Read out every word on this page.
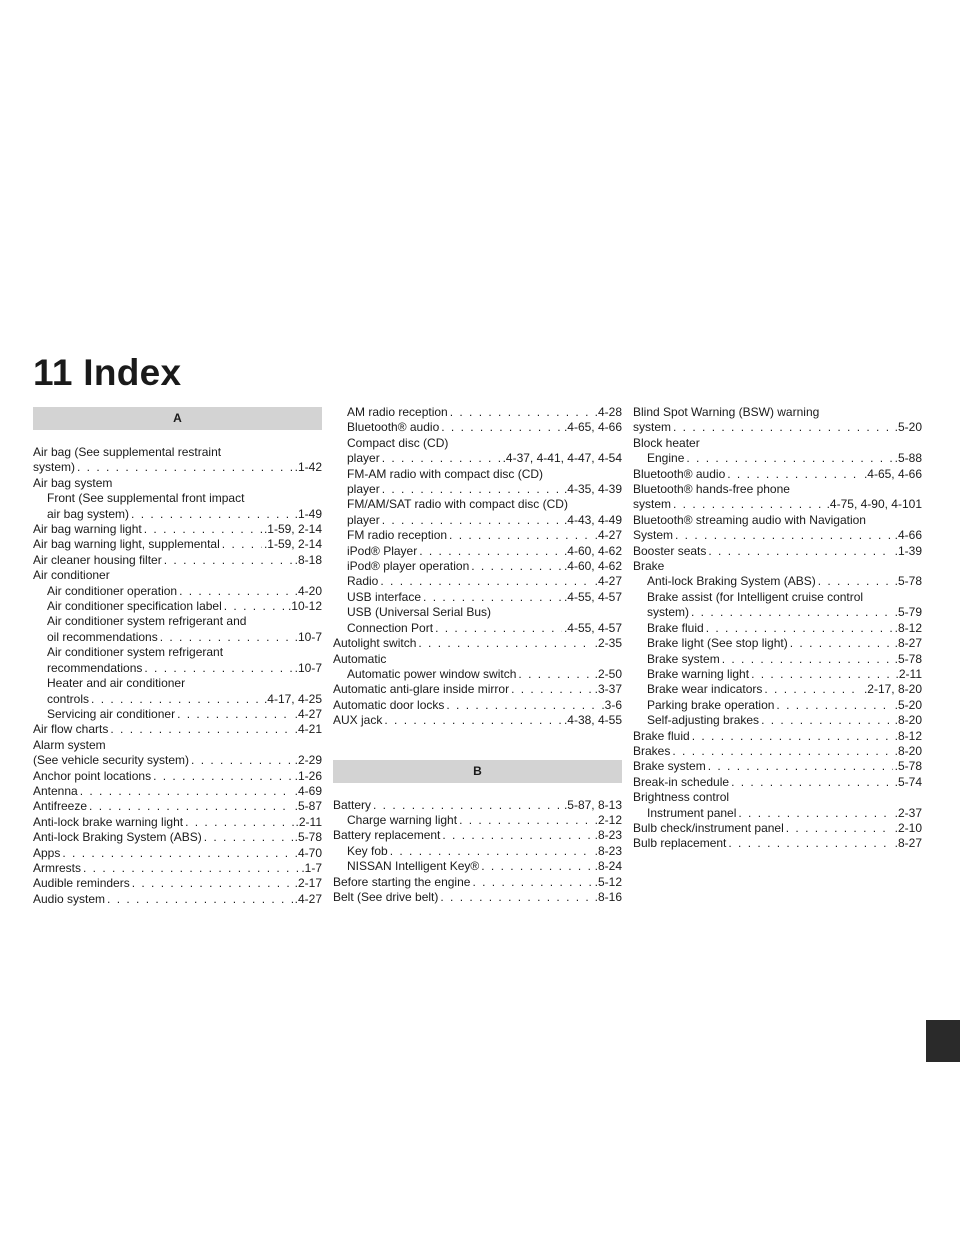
11 Index
A
Air bag (See supplemental restraint
system) . . .	.1-42
Air bag system
Front (See supplemental front impact
air bag system) . . .	.1-49
Air bag warning light . . .	.1-59, 2-14
Air bag warning light, supplemental . . .	.1-59, 2-14
Air cleaner housing filter . . .	.8-18
Air conditioner
Air conditioner operation . . .	.4-20
Air conditioner specification label . . .	.10-12
Air conditioner system refrigerant and
oil recommendations . . .	.10-7
Air conditioner system refrigerant
recommendations . . .	.10-7
Heater and air conditioner
controls . . .	.4-17, 4-25
Servicing air conditioner . . .	.4-27
Air flow charts . . .	.4-21
Alarm system
(See vehicle security system) . . .	.2-29
Anchor point locations . . .	.1-26
Antenna . . .	.4-69
Antifreeze . . .	.5-87
Anti-lock brake warning light . . .	.2-11
Anti-lock Braking System (ABS) . . .	.5-78
Apps . . .	.4-70
Armrests . . .	.1-7
Audible reminders . . .	.2-17
Audio system . . .	.4-27
AM radio reception . . .	.4-28
Bluetooth® audio . . .	.4-65, 4-66
Compact disc (CD)
player . . .	.4-37, 4-41, 4-47, 4-54
FM-AM radio with compact disc (CD)
player . . .	.4-35, 4-39
FM/AM/SAT radio with compact disc (CD)
player . . .	.4-43, 4-49
FM radio reception . . .	.4-27
iPod® Player . . .	.4-60, 4-62
iPod® player operation . . .	.4-60, 4-62
Radio . . .	.4-27
USB interface . . .	.4-55, 4-57
USB (Universal Serial Bus)
Connection Port . . .	.4-55, 4-57
Autolight switch . . .	.2-35
Automatic
Automatic power window switch . . .	.2-50
Automatic anti-glare inside mirror . . .	.3-37
Automatic door locks . . .	.3-6
AUX jack . . .	.4-38, 4-55
B
Battery . . .	.5-87, 8-13
Charge warning light . . .	.2-12
Battery replacement . . .	.8-23
Key fob . . .	.8-23
NISSAN Intelligent Key® . . .	.8-24
Before starting the engine . . .	.5-12
Belt (See drive belt) . . .	.8-16
Blind Spot Warning (BSW) warning
system . . .	.5-20
Block heater
Engine . . .	.5-88
Bluetooth® audio . . .	.4-65, 4-66
Bluetooth® hands-free phone
system . . .	.4-75, 4-90, 4-101
Bluetooth® streaming audio with Navigation
System . . .	.4-66
Booster seats . . .	.1-39
Brake
Anti-lock Braking System (ABS) . . .	.5-78
Brake assist (for Intelligent cruise control
system) . . .	.5-79
Brake fluid . . .	.8-12
Brake light (See stop light) . . .	.8-27
Brake system . . .	.5-78
Brake warning light . . .	.2-11
Brake wear indicators . . .	.2-17, 8-20
Parking brake operation . . .	.5-20
Self-adjusting brakes . . .	.8-20
Brake fluid . . .	.8-12
Brakes . . .	.8-20
Brake system . . .	.5-78
Break-in schedule . . .	.5-74
Brightness control
Instrument panel . . .	.2-37
Bulb check/instrument panel . . .	.2-10
Bulb replacement . . .	.8-27
